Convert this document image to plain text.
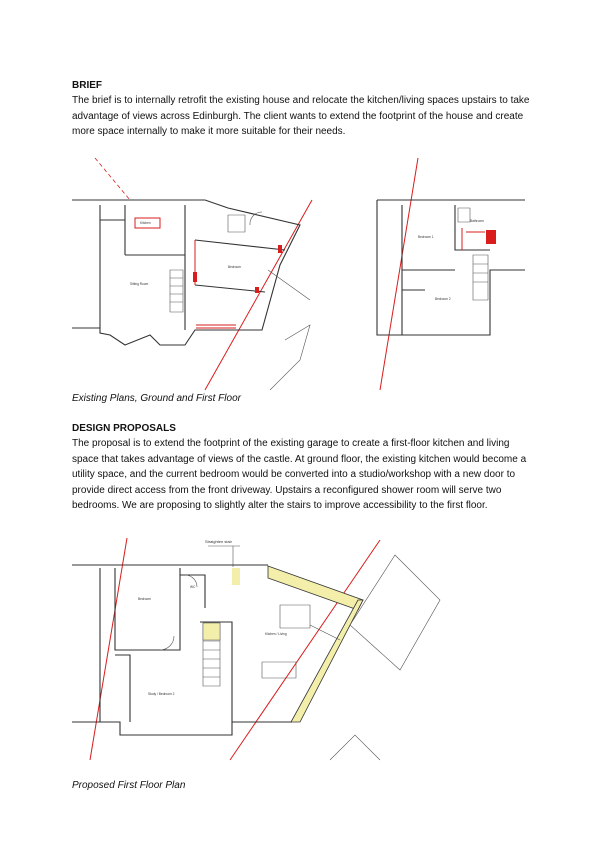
BRIEF
The brief is to internally retrofit the existing house and relocate the kitchen/living spaces upstairs to take advantage of views across Edinburgh. The client wants to extend the footprint of the house and create more space internally to make it more suitable for their needs.
Kitchen
Bedroom
Sitting Room
Bathroom
Bedroom 1
Bedroom 2
Straighten stair
Bedroom
WC
Kitchen / Living
Study / Bedroom 2
Existing Plans, Ground and First Floor
DESIGN PROPOSALS
The proposal is to extend the footprint of the existing garage to create a first-floor kitchen and living space that takes advantage of views of the castle. At ground floor, the existing kitchen would become a utility space, and the current bedroom would be converted into a studio/workshop with a new door to provide direct access from the front driveway. Upstairs a reconfigured shower room will serve two bedrooms. We are proposing to slightly alter the stairs to improve accessibility to the first floor.
Proposed First Floor Plan
